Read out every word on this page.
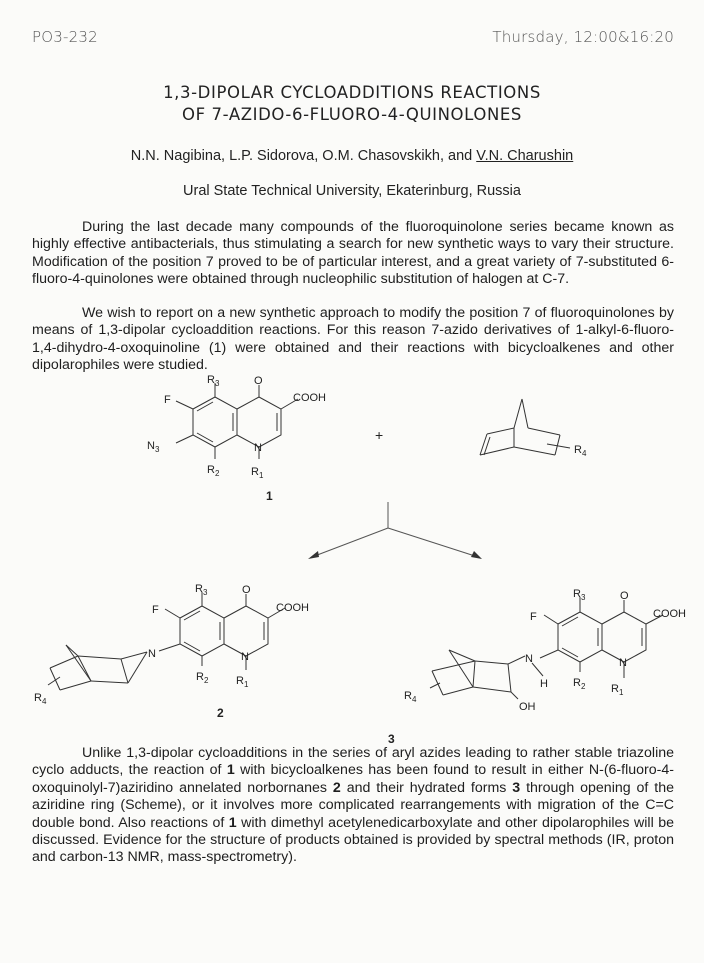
PO3-232	Thursday, 12:00&16:20
1,3-DIPOLAR CYCLOADDITIONS REACTIONS
OF 7-AZIDO-6-FLUORO-4-QUINOLONES
N.N. Nagibina, L.P. Sidorova, O.M. Chasovskikh, and V.N. Charushin
Ural State Technical University, Ekaterinburg, Russia
During the last decade many compounds of the fluoroquinolone series became known as highly effective antibacterials, thus stimulating a search for new synthetic ways to vary their structure. Modification of the position 7 proved to be of particular interest, and a great variety of 7-substituted 6-fluoro-4-quinolones were obtained through nucleophilic substitution of halogen at C-7.
We wish to report on a new synthetic approach to modify the position 7 of fluoroquinolones by means of 1,3-dipolar cycloaddition reactions. For this reason 7-azido derivatives of 1-alkyl-6-fluoro-1,4-dihydro-4-oxoquinoline (1) were obtained and their reactions with bicycloalkenes and other dipolarophiles were studied.
$R_3$	O
COOH
F
$N_3$	N
$R_2$	$R_1$
1
+
$R_4$
$R_3$	O
COOH
F
N	N
$R_2$	$R_1$
$R_4$
2
$R_3$	O
COOH
F
N
H
OH
N
$R_2$ $R_1$
$R_4$
3
Unlike 1,3-dipolar cycloadditions in the series of aryl azides leading to rather stable triazoline cyclo adducts, the reaction of 1 with bicycloalkenes has been found to result in either N-(6-fluoro-4-oxoquinolyl-7)aziridino annelated norbornanes 2 and their hydrated forms 3 through opening of the aziridine ring (Scheme), or it involves more complicated rearrangements with migration of the C=C double bond. Also reactions of 1 with dimethyl acetylenedicarboxylate and other dipolarophiles will be discussed. Evidence for the structure of products obtained is provided by spectral methods (IR, proton and carbon-13 NMR, mass-spectrometry).
